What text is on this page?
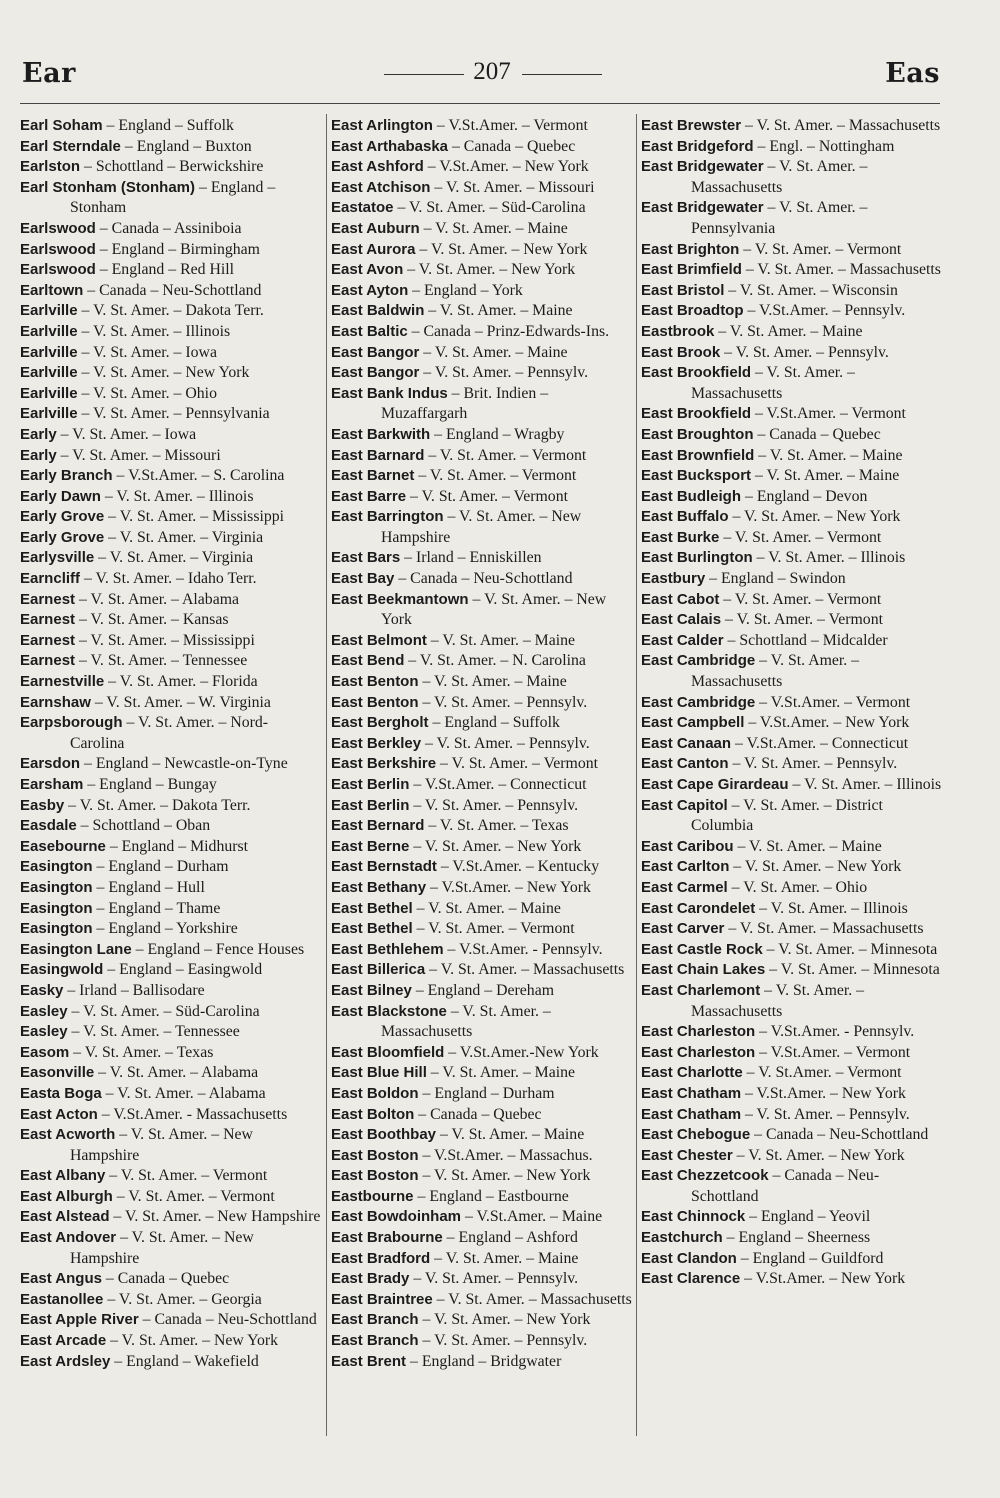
Ear	207	Eas
Earl Soham – England – Suffolk
Earl Sterndale – England – Buxton
Earlston – Schottland – Berwickshire
Earl Stonham (Stonham) – England – Stonham
Earlswood – Canada – Assiniboia
Earlswood – England – Birmingham
Earlswood – England – Red Hill
Earltown – Canada – Neu-Schottland
Earlville – V. St. Amer. – Dakota Terr.
Earlville – V. St. Amer. – Illinois
Earlville – V. St. Amer. – Iowa
Earlville – V. St. Amer. – New York
Earlville – V. St. Amer. – Ohio
Earlville – V. St. Amer. – Pennsylvania
Early – V. St. Amer. – Iowa
Early – V. St. Amer. – Missouri
Early Branch – V.St.Amer. – S. Carolina
Early Dawn – V. St. Amer. – Illinois
Early Grove – V. St. Amer. – Mississippi
Early Grove – V. St. Amer. – Virginia
Earlysville – V. St. Amer. – Virginia
Earncliff – V. St. Amer. – Idaho Terr.
Earnest – V. St. Amer. – Alabama
Earnest – V. St. Amer. – Kansas
Earnest – V. St. Amer. – Mississippi
Earnest – V. St. Amer. – Tennessee
Earnestville – V. St. Amer. – Florida
Earnshaw – V. St. Amer. – W. Virginia
Earpsborough – V. St. Amer. – Nord-Carolina
Earsdon – England – Newcastle-on-Tyne
Earsham – England – Bungay
Easby – V. St. Amer. – Dakota Terr.
Easdale – Schottland – Oban
Easebourne – England – Midhurst
Easington – England – Durham
Easington – England – Hull
Easington – England – Thame
Easington – England – Yorkshire
Easington Lane – England – Fence Houses
Easingwold – England – Easingwold
Easky – Irland – Ballisodare
Easley – V. St. Amer. – Süd-Carolina
Easley – V. St. Amer. – Tennessee
Easom – V. St. Amer. – Texas
Easonville – V. St. Amer. – Alabama
Easta Boga – V. St. Amer. – Alabama
East Acton – V.St.Amer. - Massachusetts
East Acworth – V. St. Amer. – New Hampshire
East Albany – V. St. Amer. – Vermont
East Alburgh – V. St. Amer. – Vermont
East Alstead – V. St. Amer. – New Hampshire
East Andover – V. St. Amer. – New Hampshire
East Angus – Canada – Quebec
Eastanollee – V. St. Amer. – Georgia
East Apple River – Canada – Neu-Schottland
East Arcade – V. St. Amer. – New York
East Ardsley – England – Wakefield
East Arlington – V.St.Amer. – Vermont
East Arthabaska – Canada – Quebec
East Ashford – V.St.Amer. – New York
East Atchison – V. St. Amer. – Missouri
Eastatoe – V. St. Amer. – Süd-Carolina
East Auburn – V. St. Amer. – Maine
East Aurora – V. St. Amer. – New York
East Avon – V. St. Amer. – New York
East Ayton – England – York
East Baldwin – V. St. Amer. – Maine
East Baltic – Canada – Prinz-Edwards-Ins.
East Bangor – V. St. Amer. – Maine
East Bangor – V. St. Amer. – Pennsylv.
East Bank Indus – Brit. Indien – Muzaffargarh
East Barkwith – England – Wragby
East Barnard – V. St. Amer. – Vermont
East Barnet – V. St. Amer. – Vermont
East Barre – V. St. Amer. – Vermont
East Barrington – V. St. Amer. – New Hampshire
East Bars – Irland – Enniskillen
East Bay – Canada – Neu-Schottland
East Beekmantown – V. St. Amer. – New York
East Belmont – V. St. Amer. – Maine
East Bend – V. St. Amer. – N. Carolina
East Benton – V. St. Amer. – Maine
East Benton – V. St. Amer. – Pennsylv.
East Bergholt – England – Suffolk
East Berkley – V. St. Amer. – Pennsylv.
East Berkshire – V. St. Amer. – Vermont
East Berlin – V.St.Amer. – Connecticut
East Berlin – V. St. Amer. – Pennsylv.
East Bernard – V. St. Amer. – Texas
East Berne – V. St. Amer. – New York
East Bernstadt – V.St.Amer. – Kentucky
East Bethany – V.St.Amer. – New York
East Bethel – V. St. Amer. – Maine
East Bethel – V. St. Amer. – Vermont
East Bethlehem – V.St.Amer. - Pennsylv.
East Billerica – V. St. Amer. – Massachusetts
East Bilney – England – Dereham
East Blackstone – V. St. Amer. – Massachusetts
East Bloomfield – V.St.Amer.-New York
East Blue Hill – V. St. Amer. – Maine
East Boldon – England – Durham
East Bolton – Canada – Quebec
East Boothbay – V. St. Amer. – Maine
East Boston – V.St.Amer. – Massachus.
East Boston – V. St. Amer. – New York
Eastbourne – England – Eastbourne
East Bowdoinham – V.St.Amer. – Maine
East Brabourne – England – Ashford
East Bradford – V. St. Amer. – Maine
East Brady – V. St. Amer. – Pennsylv.
East Braintree – V. St. Amer. – Massachusetts
East Branch – V. St. Amer. – New York
East Branch – V. St. Amer. – Pennsylv.
East Brent – England – Bridgwater
East Brewster – V. St. Amer. – Massachusetts
East Bridgeford – Engl. – Nottingham
East Bridgewater – V. St. Amer. – Massachusetts
East Bridgewater – V. St. Amer. – Pennsylvania
East Brighton – V. St. Amer. – Vermont
East Brimfield – V. St. Amer. – Massachusetts
East Bristol – V. St. Amer. – Wisconsin
East Broadtop – V.St.Amer. – Pennsylv.
Eastbrook – V. St. Amer. – Maine
East Brook – V. St. Amer. – Pennsylv.
East Brookfield – V. St. Amer. – Massachusetts
East Brookfield – V.St.Amer. – Vermont
East Broughton – Canada – Quebec
East Brownfield – V. St. Amer. – Maine
East Bucksport – V. St. Amer. – Maine
East Budleigh – England – Devon
East Buffalo – V. St. Amer. – New York
East Burke – V. St. Amer. – Vermont
East Burlington – V. St. Amer. – Illinois
Eastbury – England – Swindon
East Cabot – V. St. Amer. – Vermont
East Calais – V. St. Amer. – Vermont
East Calder – Schottland – Midcalder
East Cambridge – V. St. Amer. – Massachusetts
East Cambridge – V.St.Amer. – Vermont
East Campbell – V.St.Amer. – New York
East Canaan – V.St.Amer. – Connecticut
East Canton – V. St. Amer. – Pennsylv.
East Cape Girardeau – V. St. Amer. – Illinois
East Capitol – V. St. Amer. – District Columbia
East Caribou – V. St. Amer. – Maine
East Carlton – V. St. Amer. – New York
East Carmel – V. St. Amer. – Ohio
East Carondelet – V. St. Amer. – Illinois
East Carver – V. St. Amer. – Massachusetts
East Castle Rock – V. St. Amer. – Minnesota
East Chain Lakes – V. St. Amer. – Minnesota
East Charlemont – V. St. Amer. – Massachusetts
East Charleston – V.St.Amer. - Pennsylv.
East Charleston – V.St.Amer. – Vermont
East Charlotte – V. St.Amer. – Vermont
East Chatham – V.St.Amer. – New York
East Chatham – V. St. Amer. – Pennsylv.
East Chebogue – Canada – Neu-Schottland
East Chester – V. St. Amer. – New York
East Chezzetcook – Canada – Neu-Schottland
East Chinnock – England – Yeovil
Eastchurch – England – Sheerness
East Clandon – England – Guildford
East Clarence – V.St.Amer. – New York
